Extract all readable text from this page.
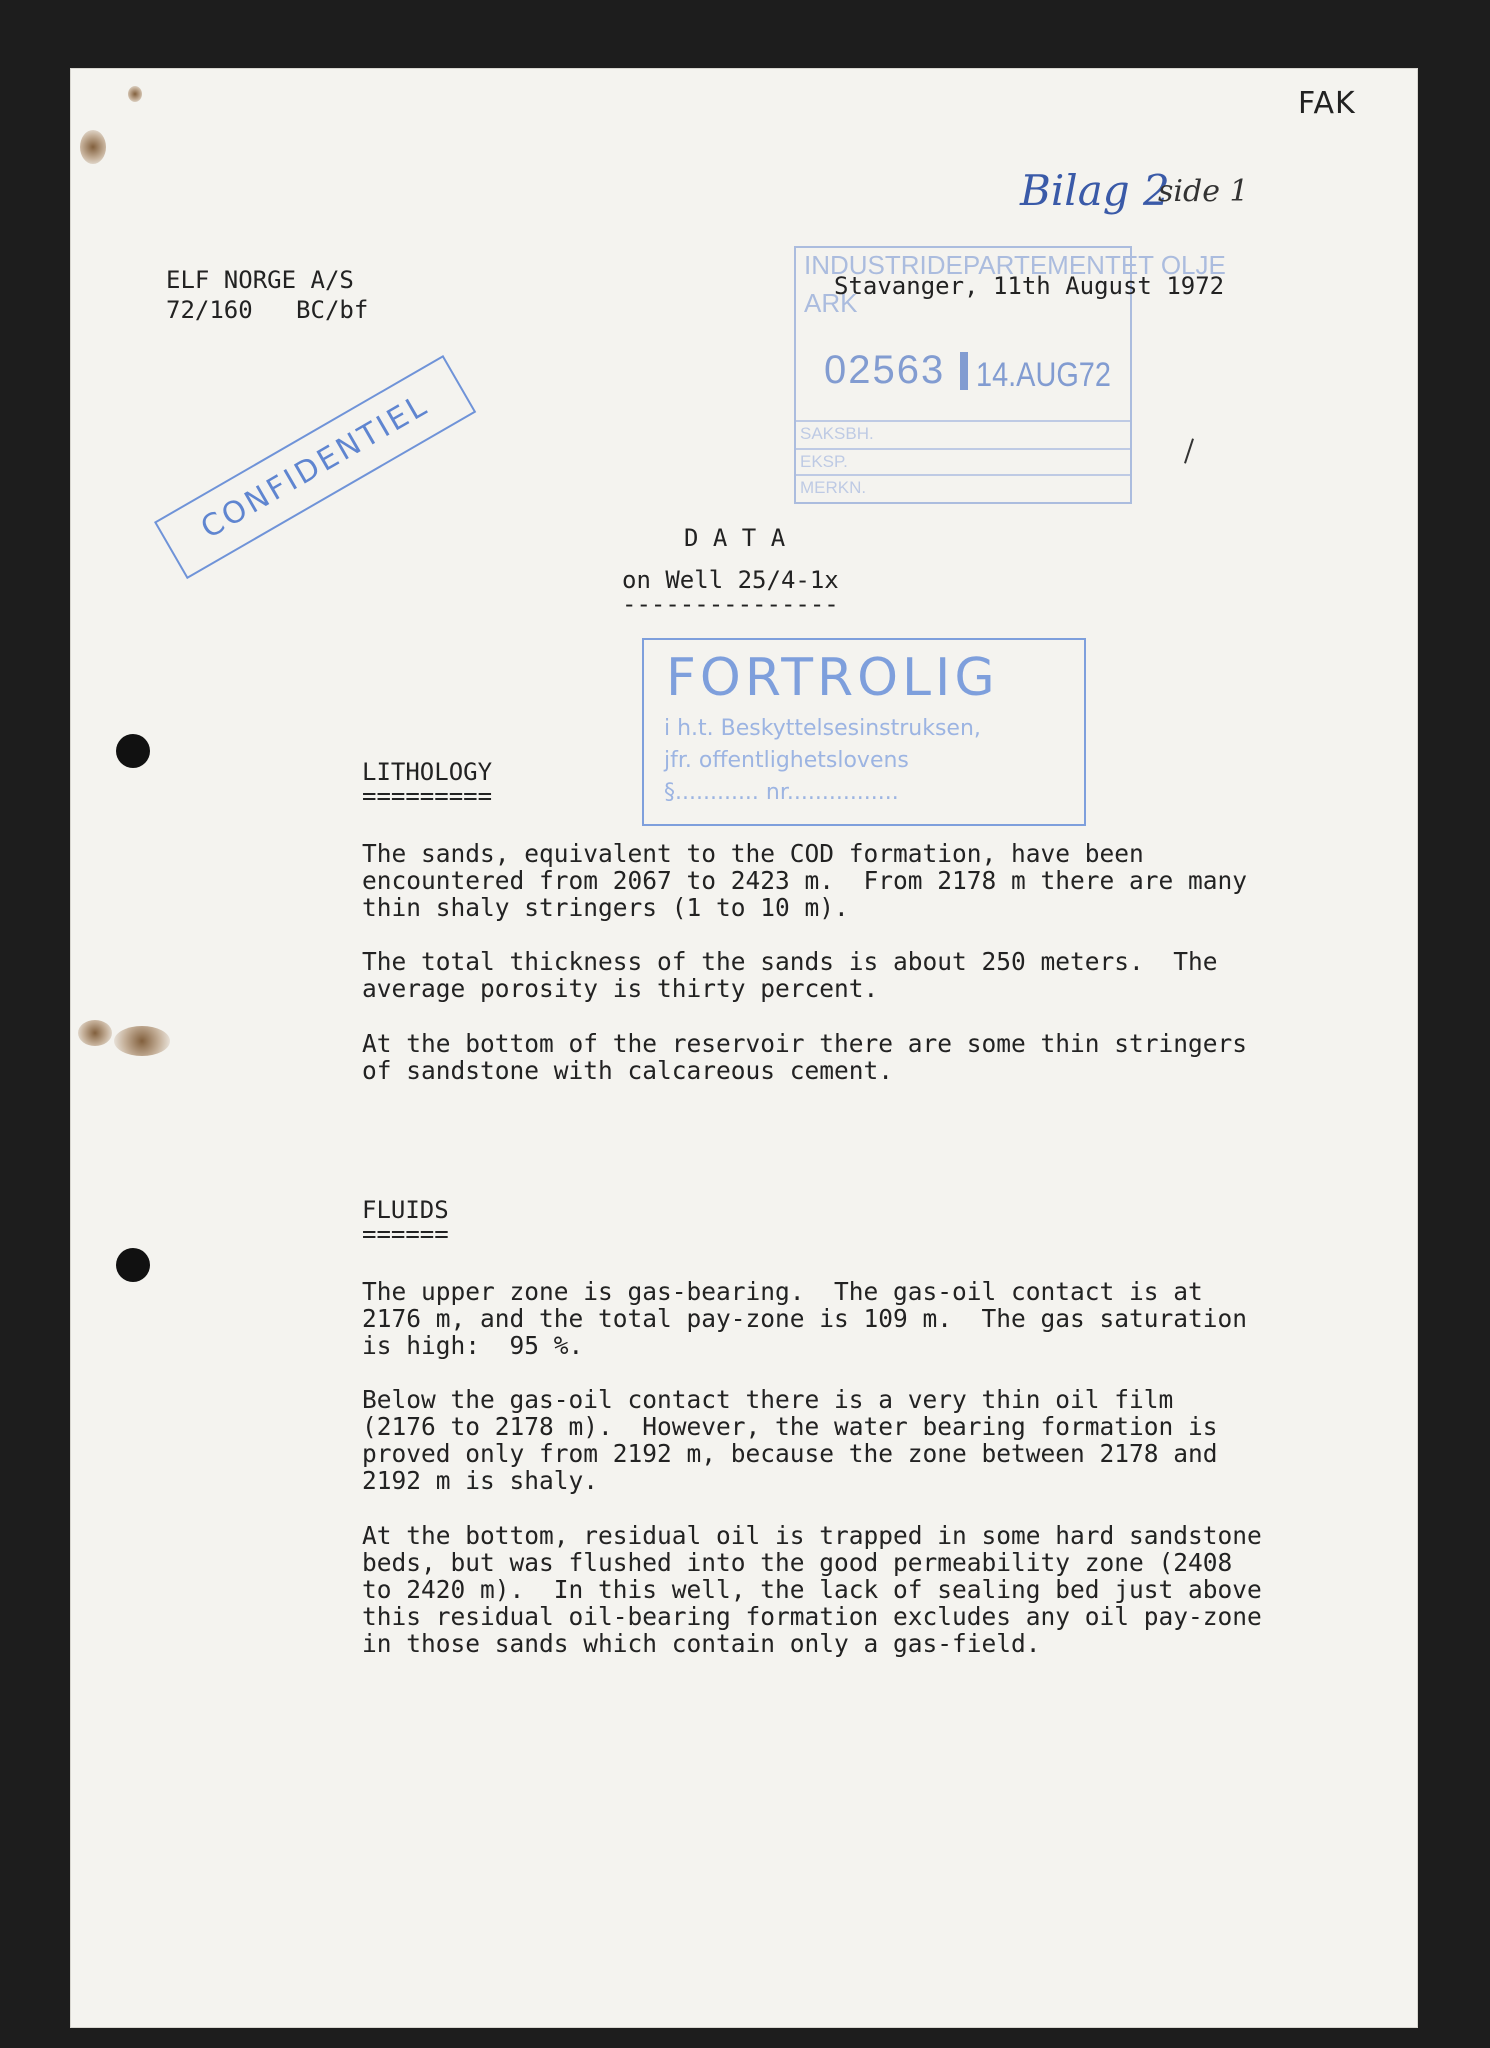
FAK
Bilag 2
side 1
ELF NORGE A/S
72/160   BC/bf
INDUSTRIDEPARTEMENTET OLJE
ARK
02563 14.AUG72
SAKSBH.
EKSP.
MERKN.
Stavanger, 11th August 1972
CONFIDENTIEL	D A T A
on Well 25/4-1x
---------------
FORTROLIG
i h.t. Beskyttelsesinstruksen,
jfr. offentlighetslovens
§............ nr................
LITHOLOGY
=========
The sands, equivalent to the COD formation, have been
encountered from 2067 to 2423 m.  From 2178 m there are many
thin shaly stringers (1 to 10 m).
The total thickness of the sands is about 250 meters.  The
average porosity is thirty percent.
At the bottom of the reservoir there are some thin stringers
of sandstone with calcareous cement.
FLUIDS
======
The upper zone is gas-bearing.  The gas-oil contact is at
2176 m, and the total pay-zone is 109 m.  The gas saturation
is high:  95 %.
Below the gas-oil contact there is a very thin oil film
(2176 to 2178 m).  However, the water bearing formation is
proved only from 2192 m, because the zone between 2178 and
2192 m is shaly.
At the bottom, residual oil is trapped in some hard sandstone
beds, but was flushed into the good permeability zone (2408
to 2420 m).  In this well, the lack of sealing bed just above
this residual oil-bearing formation excludes any oil pay-zone
in those sands which contain only a gas-field.
